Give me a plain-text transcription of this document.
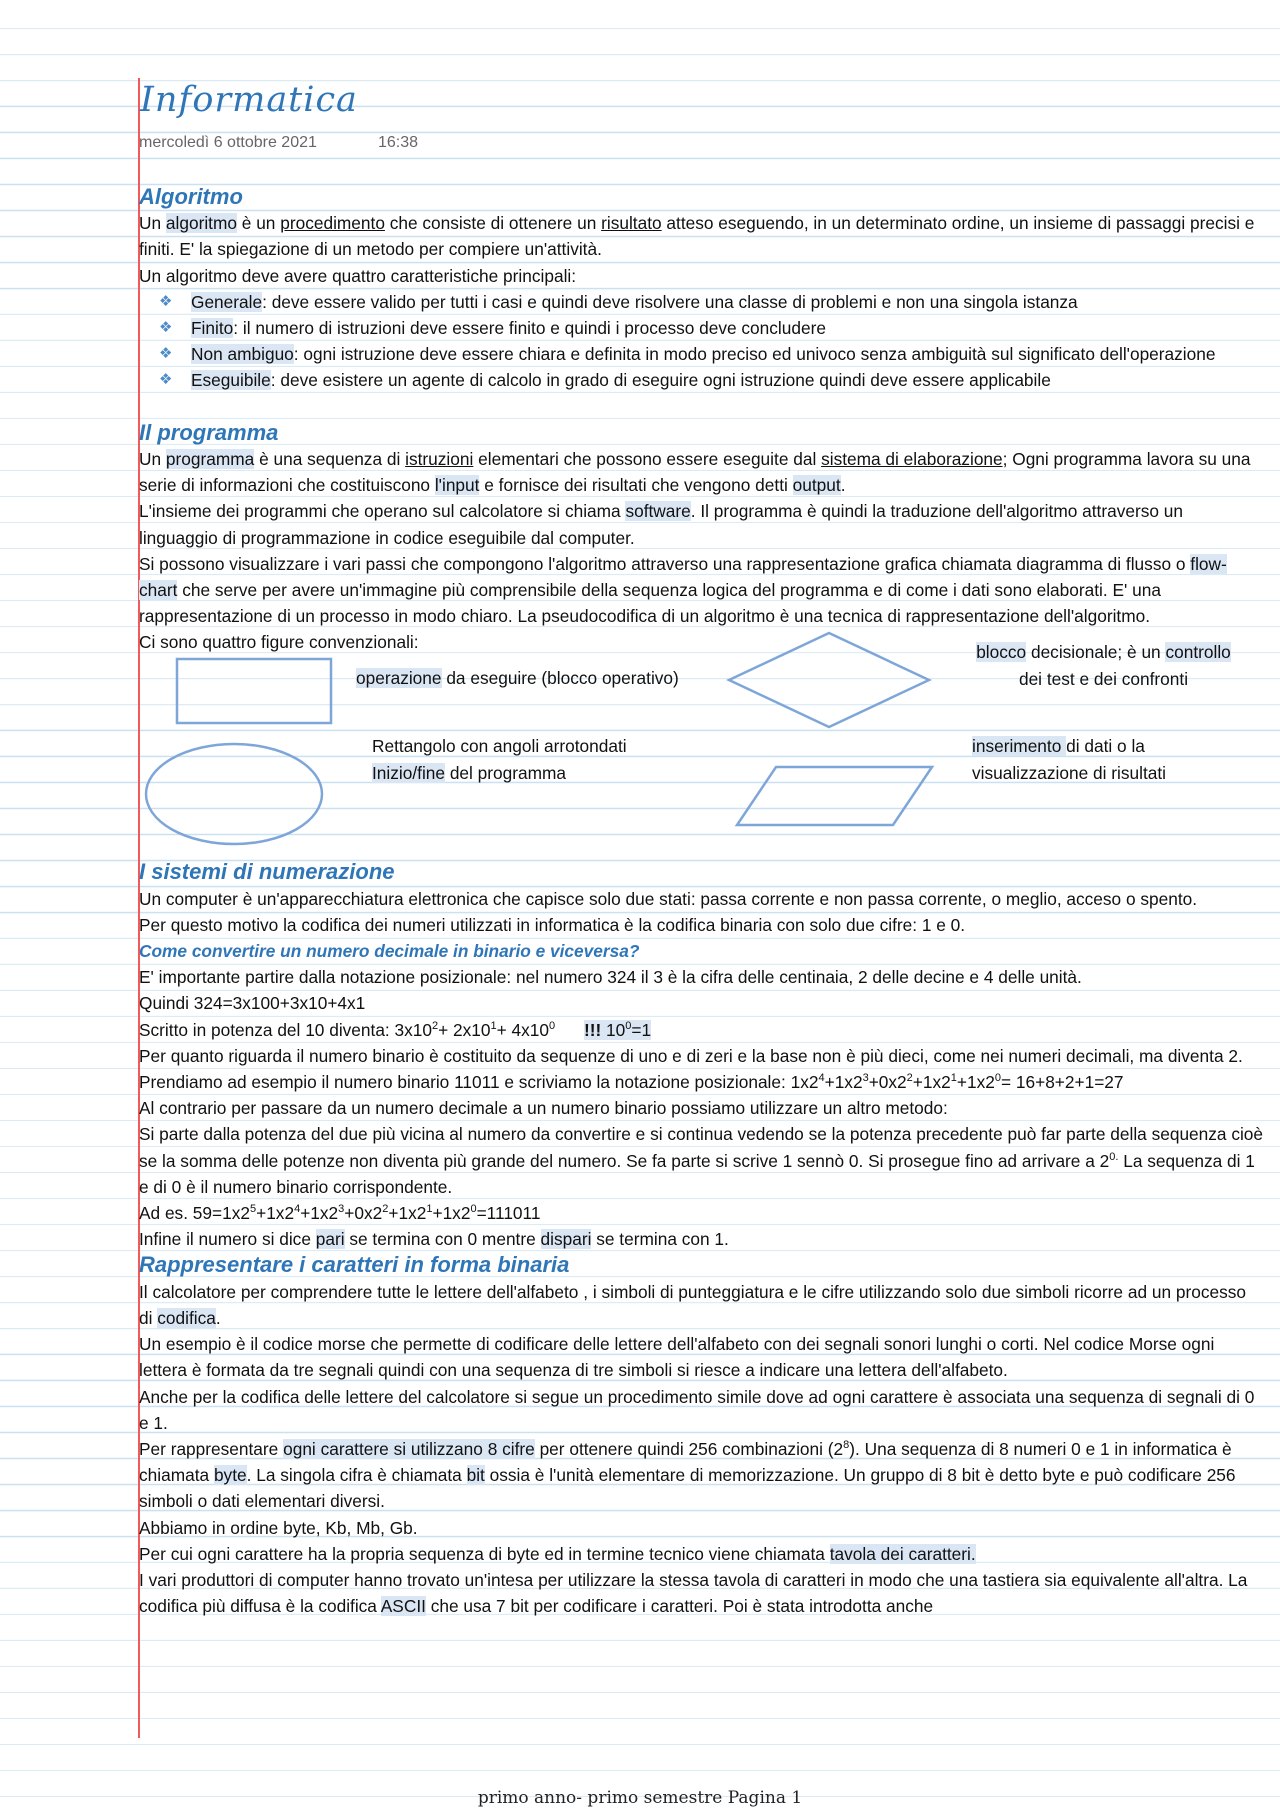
Informatica
mercoledì 6 ottobre 2021	16:38
Algoritmo

Un algoritmo è un procedimento che consiste di ottenere un risultato atteso eseguendo, in un determinato ordine, un insieme di passaggi precisi e finiti. E' la spiegazione di un metodo per compiere un'attività.

Un algoritmo deve avere quattro caratteristiche principali:

❖ Generale: deve essere valido per tutti i casi e quindi deve risolvere una classe di problemi e non una singola istanza
❖ Finito: il numero di istruzioni deve essere finito e quindi i processo deve concludere
❖ Non ambiguo: ogni istruzione deve essere chiara e definita in modo preciso ed univoco senza ambiguità sul significato dell'operazione
❖ Eseguibile: deve esistere un agente di calcolo in grado di eseguire ogni istruzione quindi deve essere applicabile
Il programma

Un programma è una sequenza di istruzioni elementari che possono essere eseguite dal sistema di elaborazione; Ogni programma lavora su una serie di informazioni che costituiscono l'input e fornisce dei risultati che vengono detti output.

L'insieme dei programmi che operano sul calcolatore si chiama software. Il programma è quindi la traduzione dell'algoritmo attraverso un linguaggio di programmazione in codice eseguibile dal computer.

Si possono visualizzare i vari passi che compongono l'algoritmo attraverso una rappresentazione grafica chiamata diagramma di flusso o flow-chart che serve per avere un'immagine più comprensibile della sequenza logica del programma e di come i dati sono elaborati. E' una rappresentazione di un processo in modo chiaro. La pseudocodifica di un algoritmo è una tecnica di rappresentazione dell'algoritmo.

Ci sono quattro figure convenzionali:
operazione da eseguire (blocco operativo)
blocco decisionale; è un controllo
dei test e dei confronti
Rettangolo con angoli arrotondati
Inizio/fine del programma
inserimento di dati o la
visualizzazione di risultati
I sistemi di numerazione

Un computer è un'apparecchiatura elettronica che capisce solo due stati: passa corrente e non passa corrente, o meglio, acceso o spento.

Per questo motivo la codifica dei numeri utilizzati in informatica è la codifica binaria con solo due cifre: 1 e 0.

Come convertire un numero decimale in binario e viceversa?

E' importante partire dalla notazione posizionale: nel numero 324 il 3 è la cifra delle centinaia, 2 delle decine e 4 delle unità.

Quindi 324=3x100+3x10+4x1

Scritto in potenza del 10 diventa: $3x10^2+ 2x10^1+ 4x10^0$ !!! $10^0=1$

Per quanto riguarda il numero binario è costituito da sequenze di uno e di zeri e la base non è più dieci, come nei numeri decimali, ma diventa 2.

Prendiamo ad esempio il numero binario 11011 e scriviamo la notazione posizionale: $1x2^4+1x2^3+0x2^2+1x2^1+1x2^0= 16+8+2+1=27$

Al contrario per passare da un numero decimale a un numero binario possiamo utilizzare un altro metodo:

Si parte dalla potenza del due più vicina al numero da convertire e si continua vedendo se la potenza precedente può far parte della sequenza cioè se la somma delle potenze non diventa più grande del numero. Se fa parte si scrive 1 sennò 0. Si prosegue fino ad arrivare a $2^{0.}$ La sequenza di 1 e di 0 è il numero binario corrispondente.

Ad es. $59=1x2^5+1x2^4+1x2^3+0x2^2+1x2^1+1x2^0=111011$

Infine il numero si dice pari se termina con 0 mentre dispari se termina con 1.

Rappresentare i caratteri in forma binaria

Il calcolatore per comprendere tutte le lettere dell'alfabeto , i simboli di punteggiatura e le cifre utilizzando solo due simboli ricorre ad un processo di codifica.

Un esempio è il codice morse che permette di codificare delle lettere dell'alfabeto con dei segnali sonori lunghi o corti. Nel codice Morse ogni lettera è formata da tre segnali quindi con una sequenza di tre simboli si riesce a indicare una lettera dell'alfabeto.

Anche per la codifica delle lettere del calcolatore si segue un procedimento simile dove ad ogni carattere è associata una sequenza di segnali di 0 e 1.

Per rappresentare ogni carattere si utilizzano 8 cifre per ottenere quindi 256 combinazioni $(2^8)$. Una sequenza di 8 numeri 0 e 1 in informatica è chiamata byte. La singola cifra è chiamata bit ossia è l'unità elementare di memorizzazione. Un gruppo di 8 bit è detto byte e può codificare 256 simboli o dati elementari diversi.

Abbiamo in ordine byte, Kb, Mb, Gb.

Per cui ogni carattere ha la propria sequenza di byte ed in termine tecnico viene chiamata tavola dei caratteri.

I vari produttori di computer hanno trovato un'intesa per utilizzare la stessa tavola di caratteri in modo che una tastiera sia equivalente all'altra. La codifica più diffusa è la codifica ASCII che usa 7 bit per codificare i caratteri. Poi è stata introdotta anche

primo anno- primo semestre Pagina 1
